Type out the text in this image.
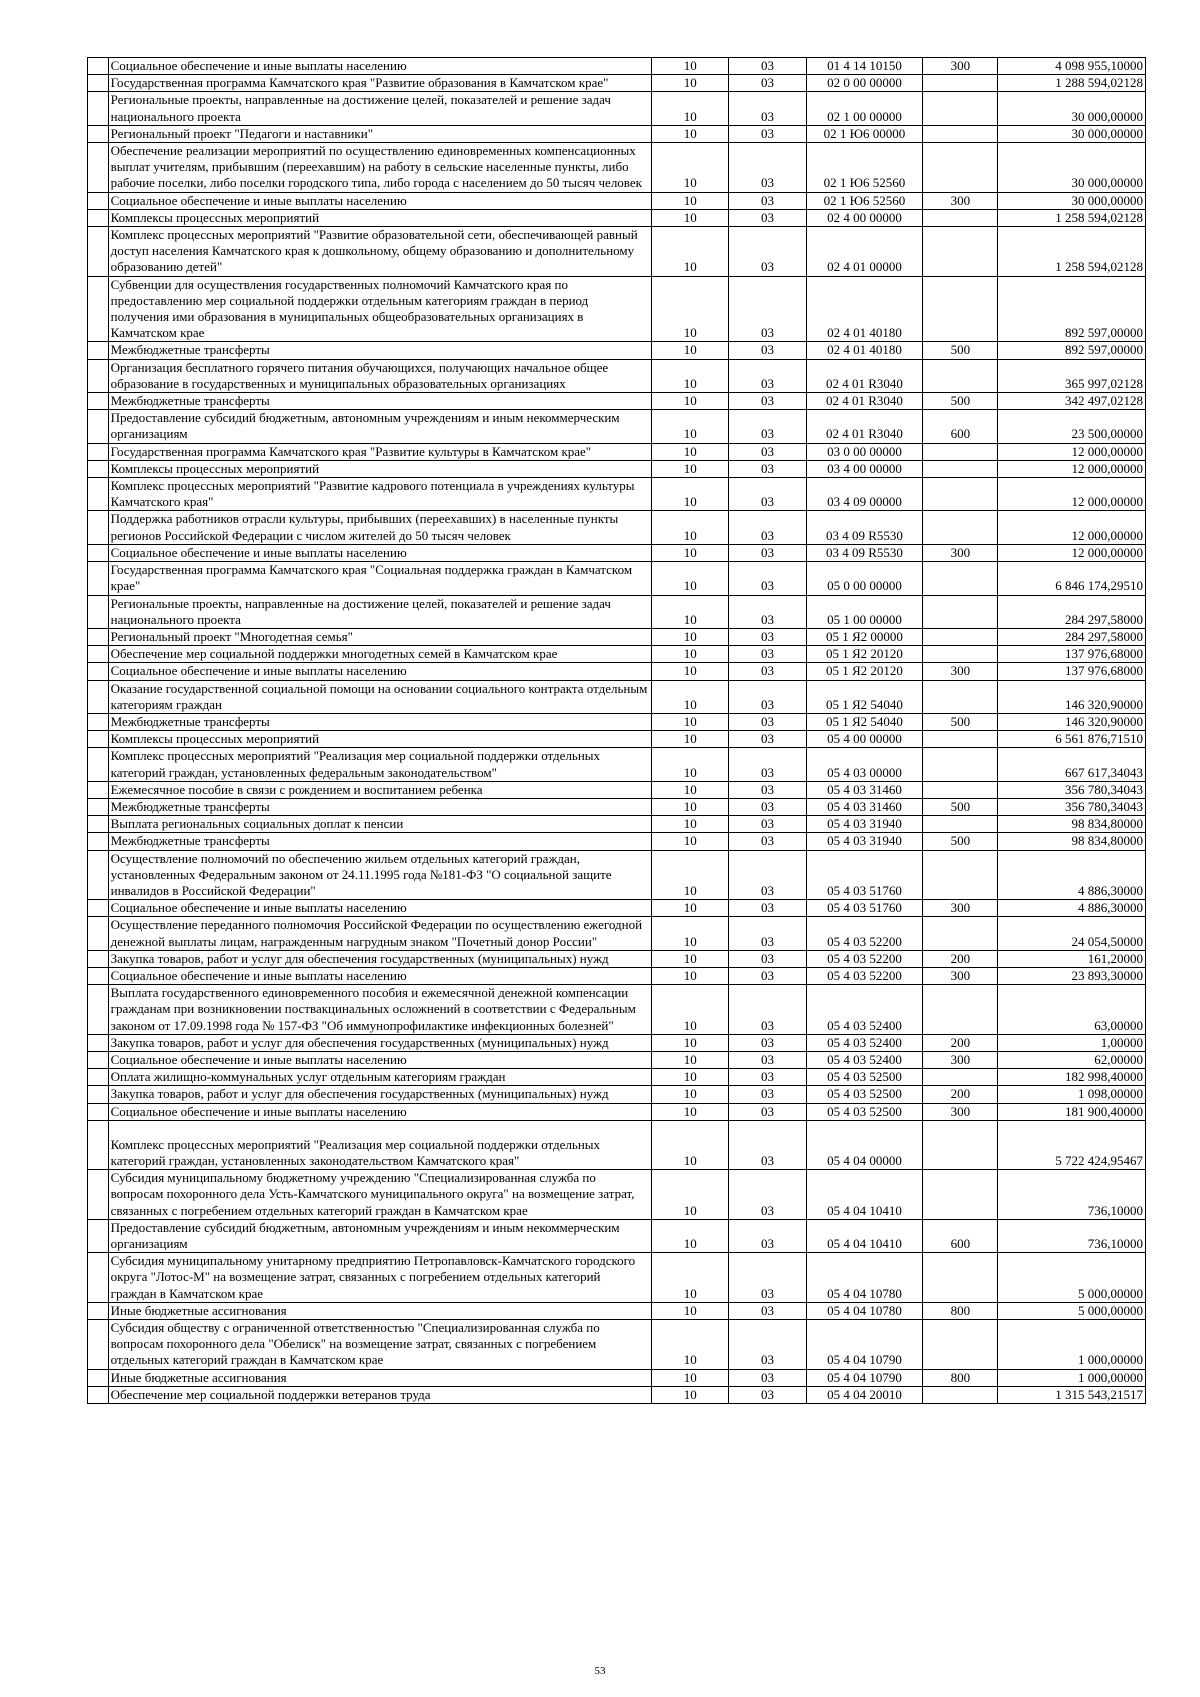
	Социальное обеспечение и иные выплаты населению	10	03	01 4 14 10150	300	4 098 955,10000
	Государственная программа Камчатского края "Развитие образования в Камчатском крае"	10	03	02 0 00 00000		1 288 594,02128
	Региональные проекты, направленные на достижение целей, показателей и решение задач национального проекта	10	03	02 1 00 00000		30 000,00000
	Региональный проект "Педагоги и наставники"	10	03	02 1 Ю6 00000		30 000,00000
	Обеспечение реализации мероприятий по осуществлению единовременных компенсационных выплат учителям, прибывшим (переехавшим) на работу в сельские населенные пункты, либо рабочие поселки, либо поселки городского типа, либо города с населением до 50 тысяч человек	10	03	02 1 Ю6 52560		30 000,00000
	Социальное обеспечение и иные выплаты населению	10	03	02 1 Ю6 52560	300	30 000,00000
	Комплексы процессных мероприятий	10	03	02 4 00 00000		1 258 594,02128
	Комплекс процессных мероприятий "Развитие образовательной сети, обеспечивающей равный доступ населения Камчатского края к дошкольному, общему образованию и дополнительному образованию детей"	10	03	02 4 01 00000		1 258 594,02128
	Субвенции для осуществления государственных полномочий Камчатского края по предоставлению мер социальной поддержки отдельным категориям граждан в период получения ими образования в муниципальных общеобразовательных организациях в Камчатском крае	10	03	02 4 01 40180		892 597,00000
	Межбюджетные трансферты	10	03	02 4 01 40180	500	892 597,00000
	Организация бесплатного горячего питания обучающихся, получающих начальное общее образование в государственных и муниципальных образовательных организациях	10	03	02 4 01 R3040		365 997,02128
	Межбюджетные трансферты	10	03	02 4 01 R3040	500	342 497,02128
	Предоставление субсидий бюджетным, автономным учреждениям и иным некоммерческим организациям	10	03	02 4 01 R3040	600	23 500,00000
	Государственная программа Камчатского края "Развитие культуры в Камчатском крае"	10	03	03 0 00 00000		12 000,00000
	Комплексы процессных мероприятий	10	03	03 4 00 00000		12 000,00000
	Комплекс процессных мероприятий "Развитие кадрового потенциала в учреждениях культуры Камчатского края"	10	03	03 4 09 00000		12 000,00000
	Поддержка работников отрасли культуры, прибывших (переехавших) в населенные пункты регионов Российской Федерации с числом жителей до 50 тысяч человек	10	03	03 4 09 R5530		12 000,00000
	Социальное обеспечение и иные выплаты населению	10	03	03 4 09 R5530	300	12 000,00000
	Государственная программа Камчатского края "Социальная поддержка граждан в Камчатском крае"	10	03	05 0 00 00000		6 846 174,29510
	Региональные проекты, направленные на достижение целей, показателей и решение задач национального проекта	10	03	05 1 00 00000		284 297,58000
	Региональный проект "Многодетная семья"	10	03	05 1 Я2 00000		284 297,58000
	Обеспечение мер социальной поддержки многодетных семей в Камчатском крае	10	03	05 1 Я2 20120		137 976,68000
	Социальное обеспечение и иные выплаты населению	10	03	05 1 Я2 20120	300	137 976,68000
	Оказание государственной социальной помощи на основании социального контракта отдельным категориям граждан	10	03	05 1 Я2 54040		146 320,90000
	Межбюджетные трансферты	10	03	05 1 Я2 54040	500	146 320,90000
	Комплексы процессных мероприятий	10	03	05 4 00 00000		6 561 876,71510
	Комплекс процессных мероприятий "Реализация мер социальной поддержки отдельных категорий граждан, установленных федеральным законодательством"	10	03	05 4 03 00000		667 617,34043
	Ежемесячное пособие в связи с рождением и воспитанием ребенка	10	03	05 4 03 31460		356 780,34043
	Межбюджетные трансферты	10	03	05 4 03 31460	500	356 780,34043
	Выплата региональных социальных доплат к пенсии	10	03	05 4 03 31940		98 834,80000
	Межбюджетные трансферты	10	03	05 4 03 31940	500	98 834,80000
	Осуществление полномочий по обеспечению жильем отдельных категорий граждан, установленных Федеральным законом от 24.11.1995 года №181-ФЗ "О социальной защите инвалидов в Российской Федерации"	10	03	05 4 03 51760		4 886,30000
	Социальное обеспечение и иные выплаты населению	10	03	05 4 03 51760	300	4 886,30000
	Осуществление переданного полномочия Российской Федерации по осуществлению ежегодной денежной выплаты лицам, награжденным нагрудным знаком "Почетный донор России"	10	03	05 4 03 52200		24 054,50000
	Закупка товаров, работ и услуг для обеспечения государственных (муниципальных) нужд	10	03	05 4 03 52200	200	161,20000
	Социальное обеспечение и иные выплаты населению	10	03	05 4 03 52200	300	23 893,30000
	Выплата государственного единовременного пособия и ежемесячной денежной компенсации гражданам при возникновении поствакцинальных осложнений в соответствии с Федеральным законом от 17.09.1998 года № 157-ФЗ "Об иммунопрофилактике инфекционных болезней"	10	03	05 4 03 52400		63,00000
	Закупка товаров, работ и услуг для обеспечения государственных (муниципальных) нужд	10	03	05 4 03 52400	200	1,00000
	Социальное обеспечение и иные выплаты населению	10	03	05 4 03 52400	300	62,00000
	Оплата жилищно-коммунальных услуг отдельным категориям граждан	10	03	05 4 03 52500		182 998,40000
	Закупка товаров, работ и услуг для обеспечения государственных (муниципальных) нужд	10	03	05 4 03 52500	200	1 098,00000
	Социальное обеспечение и иные выплаты населению	10	03	05 4 03 52500	300	181 900,40000
	Комплекс процессных мероприятий "Реализация мер социальной поддержки отдельных категорий граждан, установленных законодательством Камчатского края"	10	03	05 4 04 00000		5 722 424,95467
	Субсидия муниципальному бюджетному учреждению "Специализированная служба по вопросам похоронного дела Усть-Камчатского муниципального округа" на возмещение затрат, связанных с погребением отдельных категорий граждан в Камчатском крае	10	03	05 4 04 10410		736,10000
	Предоставление субсидий бюджетным, автономным учреждениям и иным некоммерческим организациям	10	03	05 4 04 10410	600	736,10000
	Субсидия муниципальному унитарному предприятию Петропавловск-Камчатского городского округа "Лотос-М" на возмещение затрат, связанных с погребением отдельных категорий граждан в Камчатском крае	10	03	05 4 04 10780		5 000,00000
	Иные бюджетные ассигнования	10	03	05 4 04 10780	800	5 000,00000
	Субсидия обществу с ограниченной ответственностью "Специализированная служба по вопросам похоронного дела "Обелиск" на возмещение затрат, связанных с погребением отдельных категорий граждан в Камчатском крае	10	03	05 4 04 10790		1 000,00000
	Иные бюджетные ассигнования	10	03	05 4 04 10790	800	1 000,00000
	Обеспечение мер социальной поддержки ветеранов труда	10	03	05 4 04 20010		1 315 543,21517
53
